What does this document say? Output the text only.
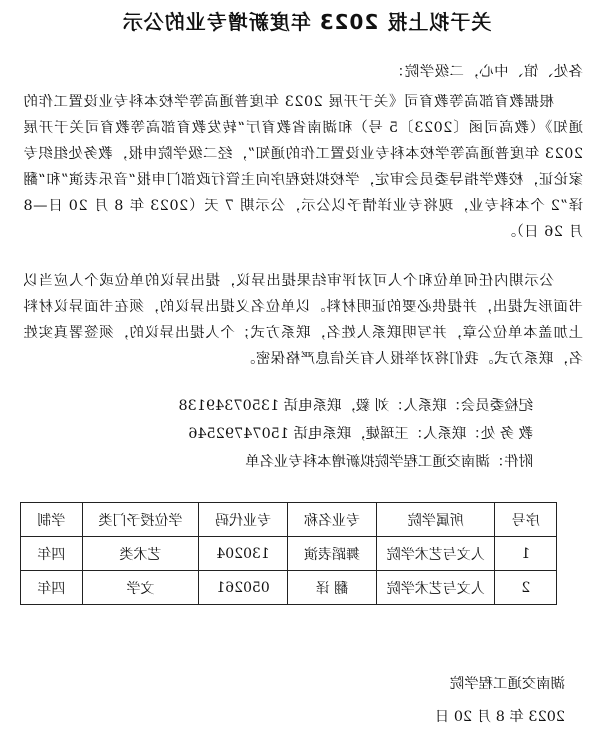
关于拟上报 2023 年度新增专业的公示
各处、馆、中心，二级学院：
根据教育部高等教育司《关于开展 2023 年度普通高等学校本科专业设置工作的通知》（教高司函〔2023〕5 号）和湖南省教育厅“转发教育部高等教育司关于开展 2023 年度普通高等学校本科专业设置工作的通知”，经二级学院申报，教务处组织专家论证，校教学指导委员会审定，学校拟按程序向主管行政部门申报“音乐表演”和“翻译”2 个本科专业，现将专业详情予以公示，公示期 7 天（2023 年 8 月 20 日—8 月 26 日）。
公示期内任何单位和个人可对评审结果提出异议，提出异议的单位或个人应当以书面形式提出，并提供必要的证明材料。以单位名义提出异议的，须在书面异议材料上加盖本单位公章，并写明联系人姓名，联系方式；个人提出异议的，须签署真实姓名，联系方式。我们将对举报人有关信息严格保密。
纪检委员会：联系人：刘 毅，联系电话 13507349138
教 务 处：联系人：王瑶婕，联系电话 15074792546
附件：湖南交通工程学院拟新增本科专业名单
序号	所属学院	专业名称	专业代码	学位授予门类	学制
1	人文与艺术学院	舞蹈表演	130204	艺术类	四年
2	人文与艺术学院	翻 译	050261	文学	四年
湖南交通工程学院
2023 年 8 月 20 日
